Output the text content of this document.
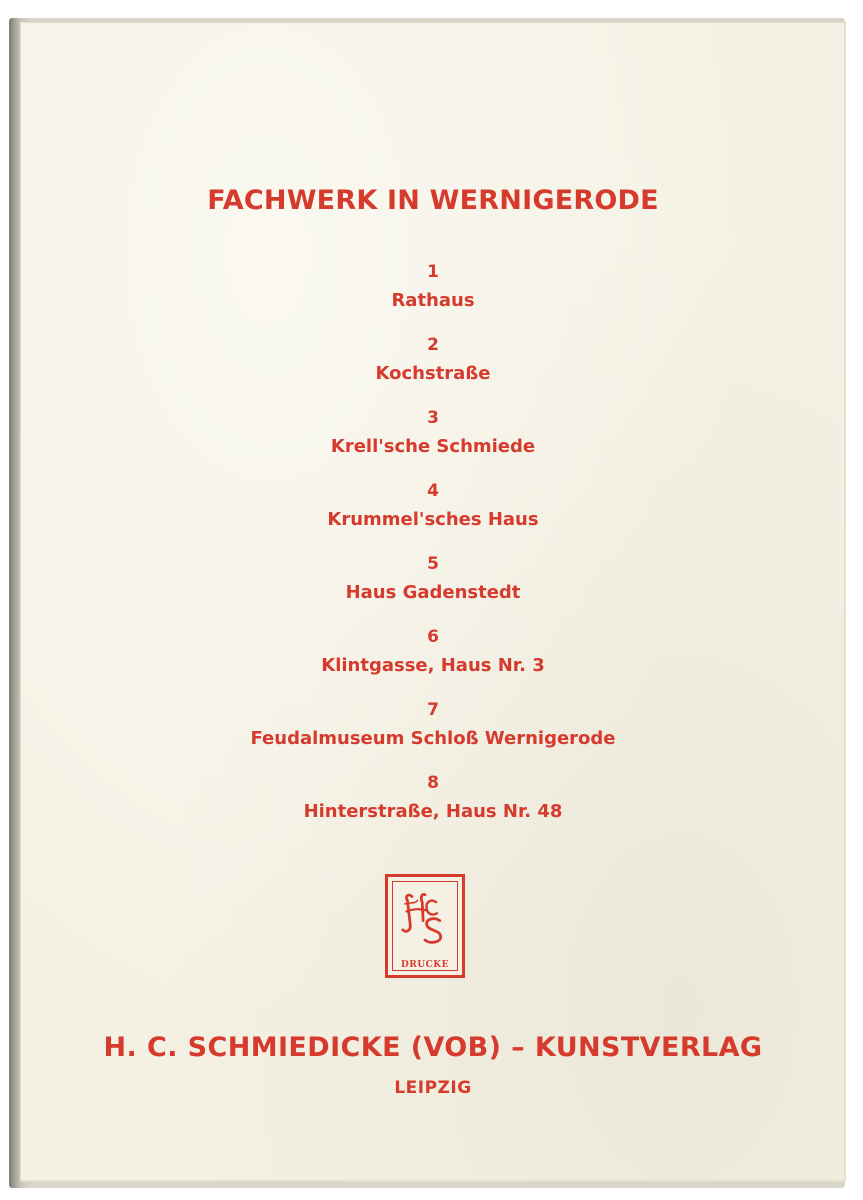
FACHWERK IN WERNIGERODE
1
Rathaus
2
Kochstraße
3
Krell'sche Schmiede
4
Krummel'sches Haus
5
Haus Gadenstedt
6
Klintgasse, Haus Nr. 3
7
Feudalmuseum Schloß Wernigerode
8
Hinterstraße, Haus Nr. 48
DRUCKE
H. C. SCHMIEDICKE (VOB) – KUNSTVERLAG
LEIPZIG
